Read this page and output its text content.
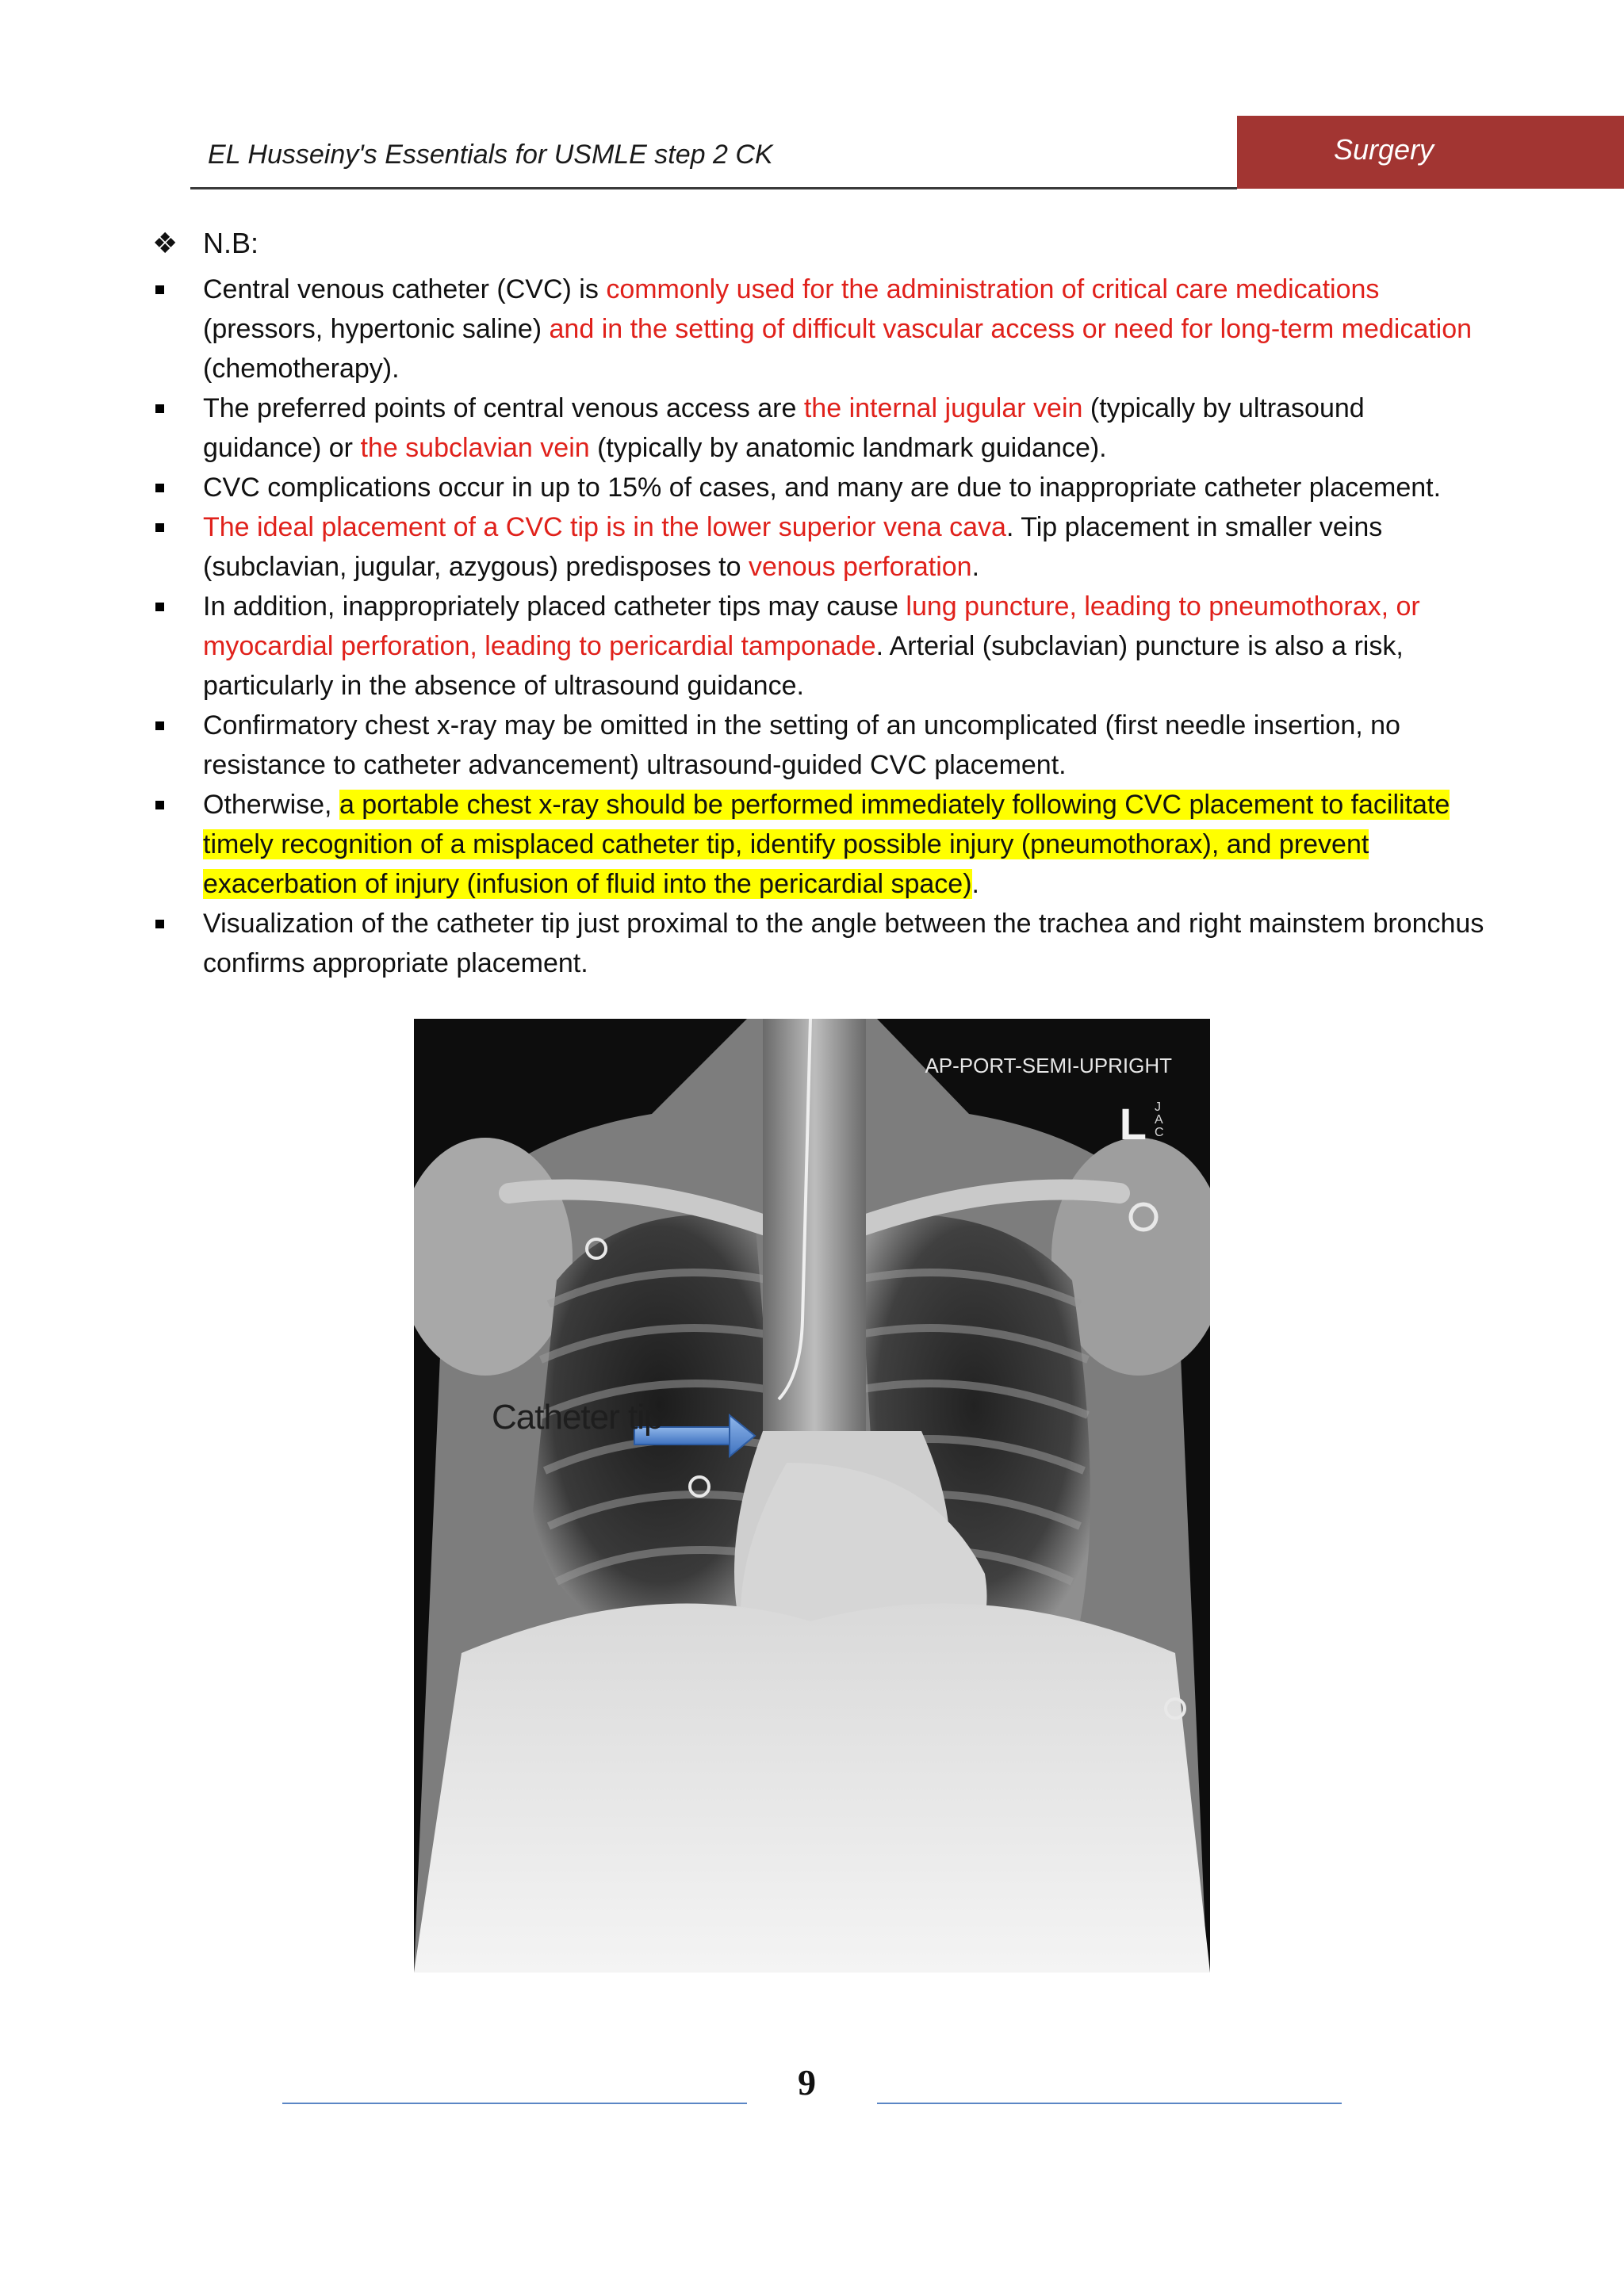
EL Husseiny's Essentials for USMLE step 2 CK	Surgery
❖ N.B:
Central venous catheter (CVC) is commonly used for the administration of critical care medications (pressors, hypertonic saline) and in the setting of difficult vascular access or need for long-term medication (chemotherapy).
The preferred points of central venous access are the internal jugular vein (typically by ultrasound guidance) or the subclavian vein (typically by anatomic landmark guidance).
CVC complications occur in up to 15% of cases, and many are due to inappropriate catheter placement.
The ideal placement of a CVC tip is in the lower superior vena cava. Tip placement in smaller veins (subclavian, jugular, azygous) predisposes to venous perforation.
In addition, inappropriately placed catheter tips may cause lung puncture, leading to pneumothorax, or myocardial perforation, leading to pericardial tamponade. Arterial (subclavian) puncture is also a risk, particularly in the absence of ultrasound guidance.
Confirmatory chest x-ray may be omitted in the setting of an uncomplicated (first needle insertion, no resistance to catheter advancement) ultrasound-guided CVC placement.
Otherwise, a portable chest x-ray should be performed immediately following CVC placement to facilitate timely recognition of a misplaced catheter tip, identify possible injury (pneumothorax), and prevent exacerbation of injury (infusion of fluid into the pericardial space).
Visualization of the catheter tip just proximal to the angle between the trachea and right mainstem bronchus confirms appropriate placement.
AP-PORT-SEMI-UPRIGHT
L JAC
Catheter tip
9
